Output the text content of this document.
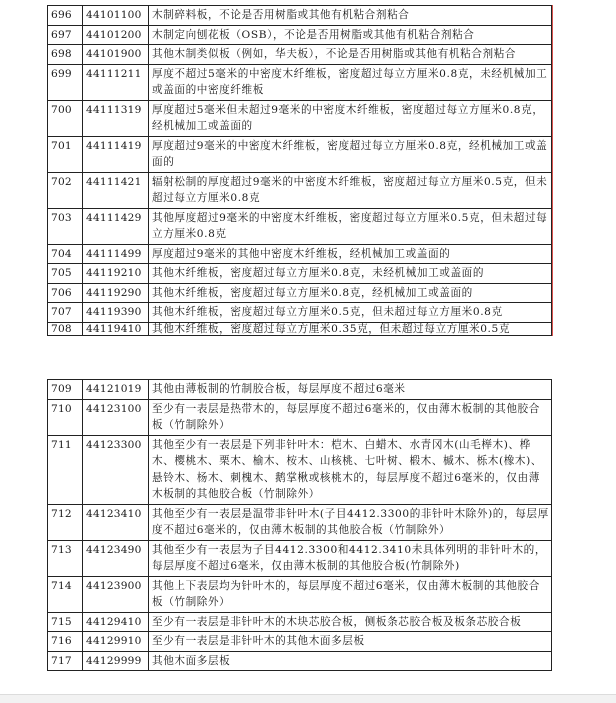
696	44101100	木制碎料板，不论是否用树脂或其他有机粘合剂粘合
697	44101200	木制定向刨花板（OSB），不论是否用树脂或其他有机粘合剂粘合
698	44101900	其他木制类似板（例如，华夫板），不论是否用树脂或其他有机粘合剂粘合
699	44111211	厚度不超过5毫米的中密度木纤维板，密度超过每立方厘米0.8克，未经机械加工或盖面的中密度纤维板
700	44111319	厚度超过5毫米但未超过9毫米的中密度木纤维板，密度超过每立方厘米0.8克，经机械加工或盖面的
701	44111419	厚度超过9毫米的中密度木纤维板，密度超过每立方厘米0.8克，经机械加工或盖面的
702	44111421	辐射松制的厚度超过9毫米的中密度木纤维板，密度超过每立方厘米0.5克，但未超过每立方厘米0.8克
703	44111429	其他厚度超过9毫米的中密度木纤维板，密度超过每立方厘米0.5克，但未超过每立方厘米0.8克
704	44111499	厚度超过9毫米的其他中密度木纤维板，经机械加工或盖面的
705	44119210	其他木纤维板，密度超过每立方厘米0.8克，未经机械加工或盖面的
706	44119290	其他木纤维板，密度超过每立方厘米0.8克，经机械加工或盖面的
707	44119390	其他木纤维板，密度超过每立方厘米0.5克，但未超过每立方厘米0.8克
708	44119410	其他木纤维板，密度超过每立方厘米0.35克，但未超过每立方厘米0.5克
709	44121019	其他由薄板制的竹制胶合板，每层厚度不超过6毫米
710	44123100	至少有一表层是热带木的，每层厚度不超过6毫米的，仅由薄木板制的其他胶合板（竹制除外）
711	44123300	其他至少有一表层是下列非针叶木：桤木、白蜡木、水青冈木(山毛榉木)、桦木、樱桃木、栗木、榆木、桉木、山核桃、七叶树、椴木、槭木、栎木(橡木)、悬铃木、杨木、刺槐木、鹅掌楸或核桃木的，每层厚度不超过6毫米的，仅由薄木板制的其他胶合板（竹制除外）
712	44123410	其他至少有一表层是温带非针叶木(子目4412.3300的非针叶木除外)的，每层厚度不超过6毫米的，仅由薄木板制的其他胶合板（竹制除外）
713	44123490	其他至少有一表层为子目4412.3300和4412.3410未具体列明的非针叶木的，每层厚度不超过6毫米，仅由薄木板制的其他胶合板(竹制除外)
714	44123900	其他上下表层均为针叶木的，每层厚度不超过6毫米，仅由薄木板制的其他胶合板（竹制除外）
715	44129410	至少有一表层是非针叶木的木块芯胶合板，侧板条芯胶合板及板条芯胶合板
716	44129910	至少有一表层是非针叶木的其他木面多层板
717	44129999	其他木面多层板
